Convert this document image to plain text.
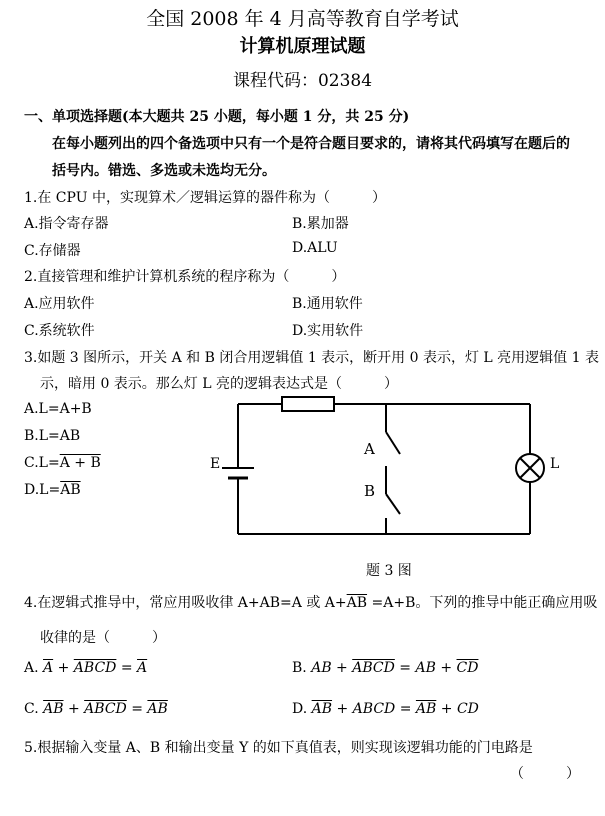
全国 2008 年 4 月高等教育自学考试
计算机原理试题
课程代码：02384
一、单项选择题(本大题共 25 小题，每小题 1 分，共 25 分)
在每小题列出的四个备选项中只有一个是符合题目要求的，请将其代码填写在题后的
括号内。错选、多选或未选均无分。
1.在 CPU 中，实现算术／逻辑运算的器件称为（　　　）
A.指令寄存器	B.累加器
C.存储器	D.ALU
2.直接管理和维护计算机系统的程序称为（　　　）
A.应用软件	B.通用软件
C.系统软件	D.实用软件
3.如题 3 图所示，开关 A 和 B 闭合用逻辑值 1 表示，断开用 0 表示，灯 L 亮用逻辑值 1 表
示，暗用 0 表示。那么灯 L 亮的逻辑表达式是（　　　）
A.L=A+B
B.L=AB
C.L=A + B
$D.L=\overline{AB}$
E
A
B
L
题 3 图
4.在逻辑式推导中，常应用吸收律 A+AB=A 或 $A+\overline{AB} =A+B$。下列的推导中能正确应用吸
收律的是（　　　）
A. $\overline{A}$ + ABCD = $\overline{A}$	B. AB + ABCD = AB + $\overline{CD}$
C. $\overline{AB}$ + ABCD = $\overline{AB}$	D. $\overline{AB}$ + ABCD = $\overline{AB}$ + CD
5.根据输入变量 A、B 和输出变量 Y 的如下真值表，则实现该逻辑功能的门电路是
（　　　）
